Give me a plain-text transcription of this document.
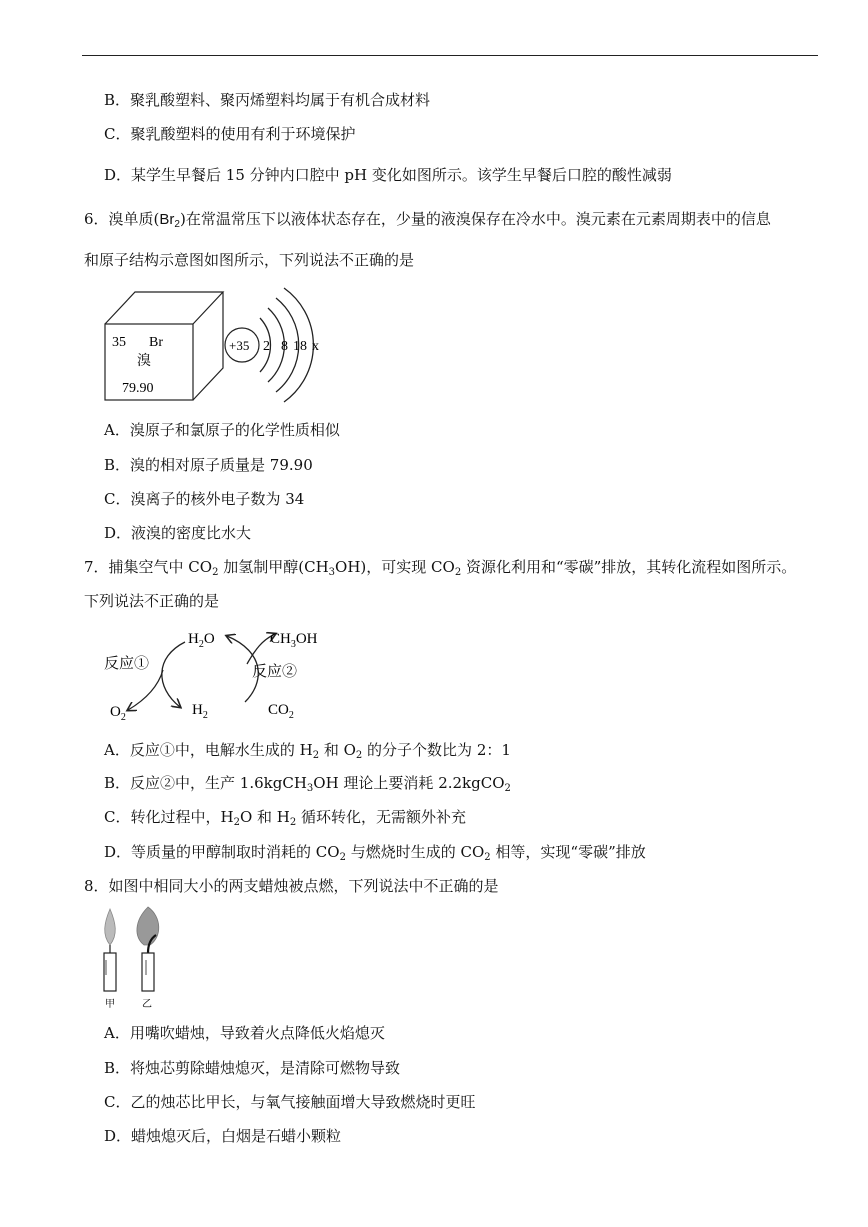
B．聚乳酸塑料、聚丙烯塑料均属于有机合成材料
C．聚乳酸塑料的使用有利于环境保护
D．某学生早餐后 15 分钟内口腔中 pH 变化如图所示。该学生早餐后口腔的酸性减弱
6．溴单质$(Br_2)$在常温常压下以液体状态存在，少量的液溴保存在冷水中。溴元素在元素周期表中的信息
和原子结构示意图如图所示，下列说法不正确的是
35 Br
溴
79.90
+35 2 8 18 x
A．溴原子和氯原子的化学性质相似
B．溴的相对原子质量是 79.90
C．溴离子的核外电子数为 34
D．液溴的密度比水大
7．捕集空气中 $CO_2$ 加氢制甲醇$(CH_3OH)$，可实现 $CO_2$ 资源化利用和“零碳”排放，其转化流程如图所示。
下列说法不正确的是
反应①	反应②
$H_2O$	$CH_3OH$
$O_2$	$H_2$	$CO_2$
A．反应①中，电解水生成的 $H_2$ 和 $O_2$ 的分子个数比为 2：1
B．反应②中，生产 1.6kgCH$_3$OH 理论上要消耗 2.2kgCO$_2$
C．转化过程中，$H_2O$ 和 $H_2$ 循环转化，无需额外补充
D．等质量的甲醇制取时消耗的 $CO_2$ 与燃烧时生成的 $CO_2$ 相等，实现“零碳”排放
8．如图中相同大小的两支蜡烛被点燃，下列说法中不正确的是
甲	乙
A．用嘴吹蜡烛，导致着火点降低火焰熄灭
B．将烛芯剪除蜡烛熄灭，是清除可燃物导致
C．乙的烛芯比甲长，与氧气接触面增大导致燃烧时更旺
D．蜡烛熄灭后，白烟是石蜡小颗粒
